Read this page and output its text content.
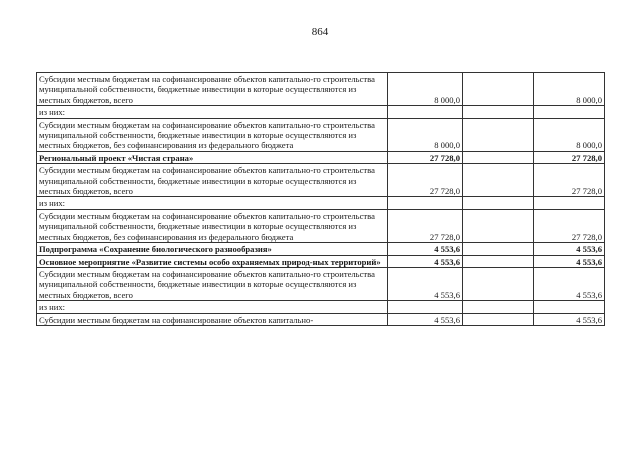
864
Субсидии местным бюджетам на софинансирование объектов капитально-го строительства муниципальной собственности, бюджетные инвестиции в которые осуществляются из местных бюджетов, всего	8 000,0		8 000,0
из них:			
Субсидии местным бюджетам на софинансирование объектов капитально-го строительства муниципальной собственности, бюджетные инвестиции в которые осуществляются из местных бюджетов, без софинансирования из федерального бюджета	8 000,0		8 000,0
Региональный проект «Чистая страна»	27 728,0		27 728,0
Субсидии местным бюджетам на софинансирование объектов капитально-го строительства муниципальной собственности, бюджетные инвестиции в которые осуществляются из местных бюджетов, всего	27 728,0		27 728,0
из них:			
Субсидии местным бюджетам на софинансирование объектов капитально-го строительства муниципальной собственности, бюджетные инвестиции в которые осуществляются из местных бюджетов, без софинансирования из федерального бюджета	27 728,0		27 728,0
Подпрограмма «Сохранение биологического разнообразия»	4 553,6		4 553,6
Основное мероприятие «Развитие системы особо охраняемых природ-ных территорий»	4 553,6		4 553,6
Субсидии местным бюджетам на софинансирование объектов капитально-го строительства муниципальной собственности, бюджетные инвестиции в которые осуществляются из местных бюджетов, всего	4 553,6		4 553,6
из них:			
Субсидии местным бюджетам на софинансирование объектов капитально-	4 553,6		4 553,6
